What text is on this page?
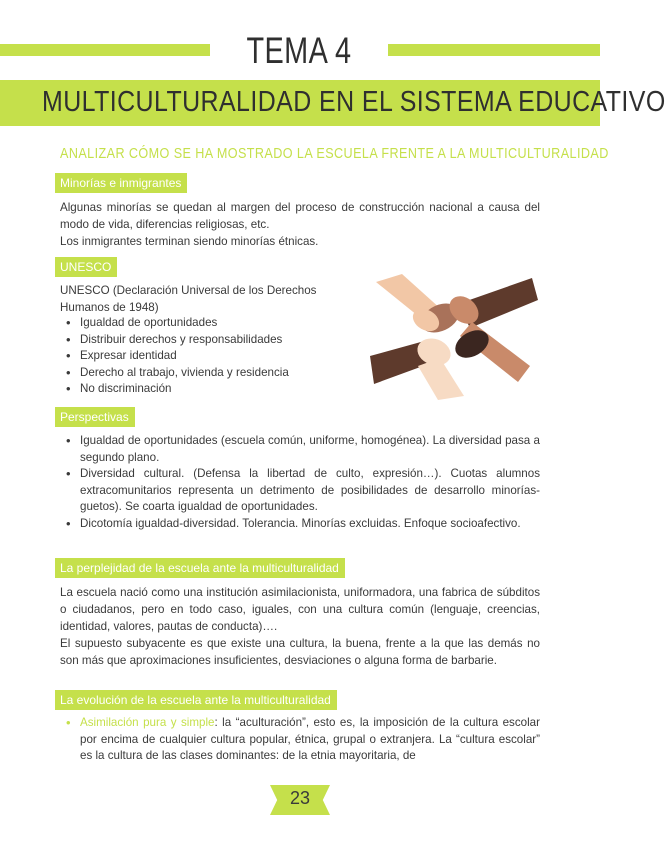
TEMA 4
MULTICULTURALIDAD EN EL SISTEMA EDUCATIVO
ANALIZAR CÓMO SE HA MOSTRADO LA ESCUELA FRENTE A LA MULTICULTURALIDAD
Minorías e inmigrantes
Algunas minorías se quedan al margen del proceso de construcción nacional a causa del modo de vida, diferencias religiosas, etc.
Los inmigrantes terminan siendo minorías étnicas.
UNESCO
UNESCO (Declaración Universal de los Derechos Humanos de 1948)
• Igualdad de oportunidades
• Distribuir derechos y responsabilidades
• Expresar identidad
• Derecho al trabajo, vivienda y residencia
• No discriminación
Perspectivas
• Igualdad de oportunidades (escuela común, uniforme, homogénea). La diversidad pasa a segundo plano.
• Diversidad cultural. (Defensa la libertad de culto, expresión…). Cuotas alumnos extracomunitarios representa un detrimento de posibilidades de desarrollo minorías- guetos). Se coarta igualdad de oportunidades.
• Dicotomía igualdad-diversidad. Tolerancia. Minorías excluidas. Enfoque socioafectivo.
La perplejidad de la escuela ante la multiculturalidad
La escuela nació como una institución asimilacionista, uniformadora, una fabrica de súbditos o ciudadanos, pero en todo caso, iguales, con una cultura común (lenguaje, creencias, identidad, valores, pautas de conducta)….
El supuesto subyacente es que existe una cultura, la buena, frente a la que las demás no son más que aproximaciones insuficientes, desviaciones o alguna forma de barbarie.
La evolución de la escuela ante la multiculturalidad
• Asimilación pura y simple: la “aculturación”, esto es, la imposición de la cultura escolar por encima de cualquier cultura popular, étnica, grupal o extranjera. La “cultura escolar” es la cultura de las clases dominantes: de la etnia mayoritaria, de
23
